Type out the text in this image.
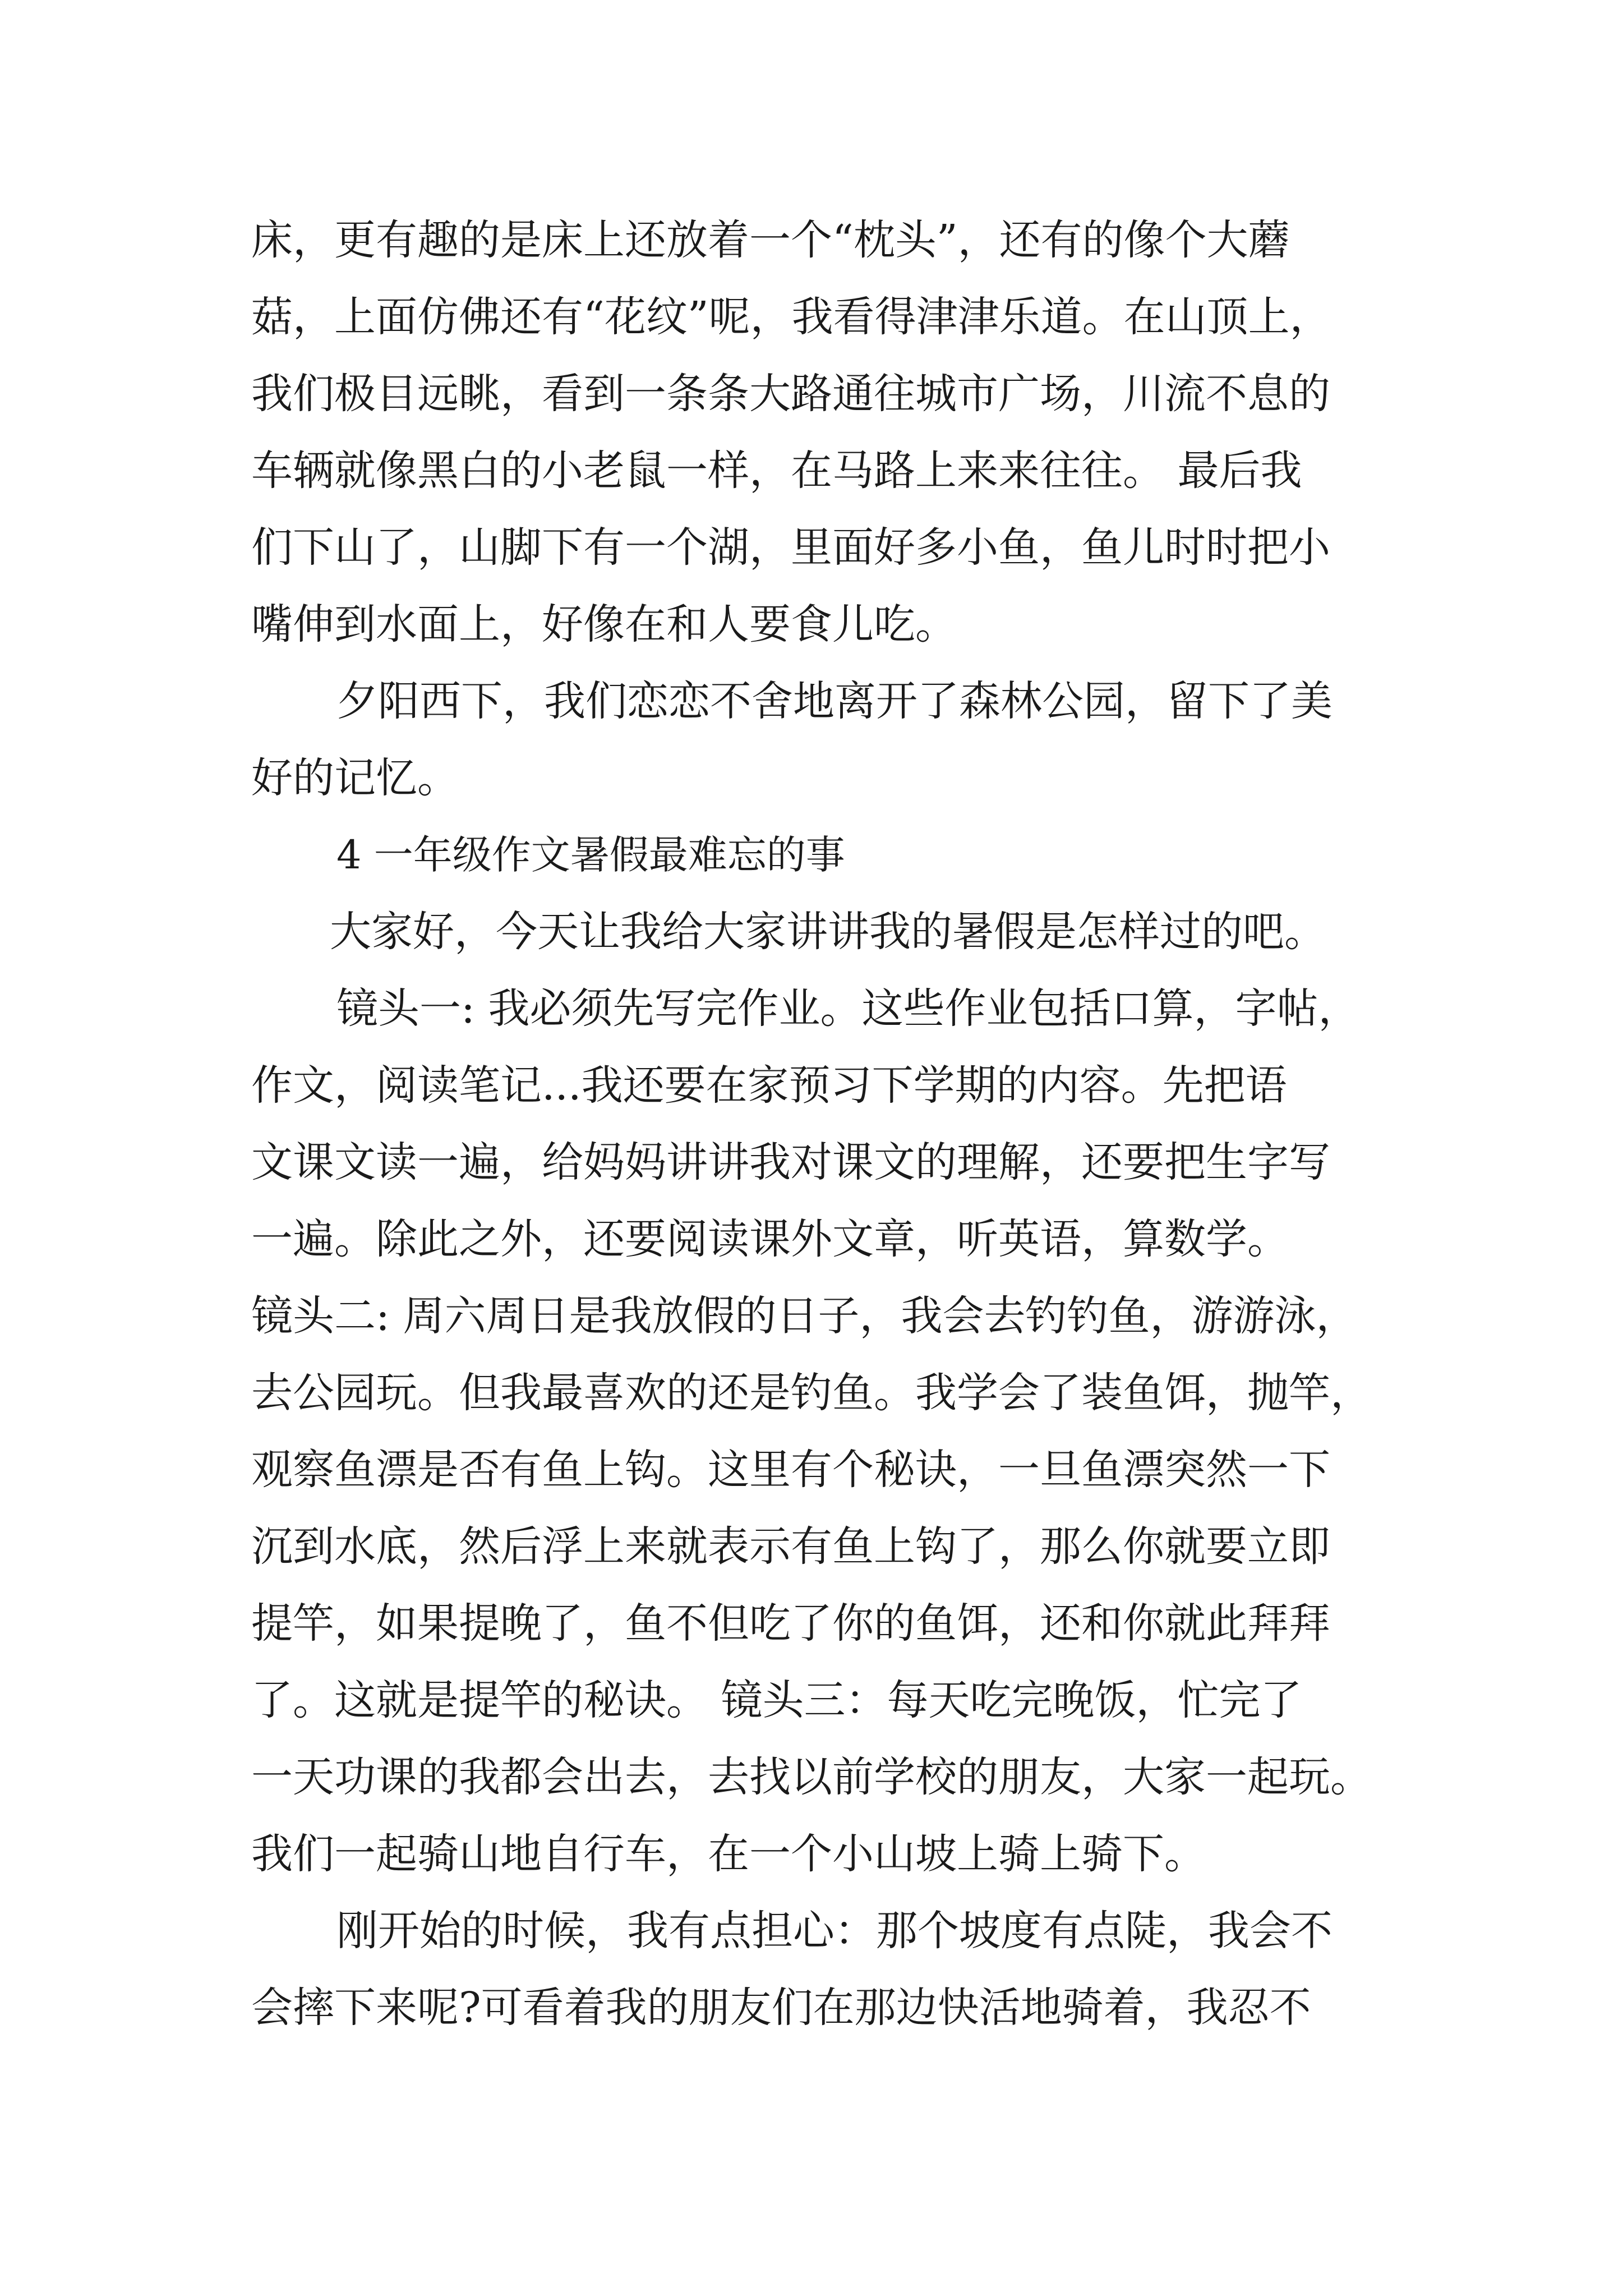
床，更有趣的是床上还放着一个“枕头”，还有的像个大蘑
菇，上面仿佛还有“花纹”呢，我看得津津乐道。在山顶上，
我们极目远眺，看到一条条大路通往城市广场，川流不息的
车辆就像黑白的小老鼠一样，在马路上来来往往。 最后我
们下山了，山脚下有一个湖，里面好多小鱼，鱼儿时时把小
嘴伸到水面上，好像在和人要食儿吃。
夕阳西下，我们恋恋不舍地离开了森林公园，留下了美
好的记忆。
4 一年级作文暑假最难忘的事
大家好，今天让我给大家讲讲我的暑假是怎样过的吧。
镜头一: 我必须先写完作业。这些作业包括口算，字帖，
作文，阅读笔记...我还要在家预习下学期的内容。先把语
文课文读一遍，给妈妈讲讲我对课文的理解，还要把生字写
一遍。除此之外，还要阅读课外文章，听英语，算数学。
镜头二: 周六周日是我放假的日子，我会去钓钓鱼，游游泳，
去公园玩。但我最喜欢的还是钓鱼。我学会了装鱼饵，抛竿，
观察鱼漂是否有鱼上钩。这里有个秘诀，一旦鱼漂突然一下
沉到水底，然后浮上来就表示有鱼上钩了，那么你就要立即
提竿，如果提晚了，鱼不但吃了你的鱼饵，还和你就此拜拜
了。这就是提竿的秘诀。 镜头三：每天吃完晚饭，忙完了
一天功课的我都会出去，去找以前学校的朋友，大家一起玩。
我们一起骑山地自行车，在一个小山坡上骑上骑下。
刚开始的时候，我有点担心：那个坡度有点陡，我会不
会摔下来呢?可看着我的朋友们在那边快活地骑着，我忍不
